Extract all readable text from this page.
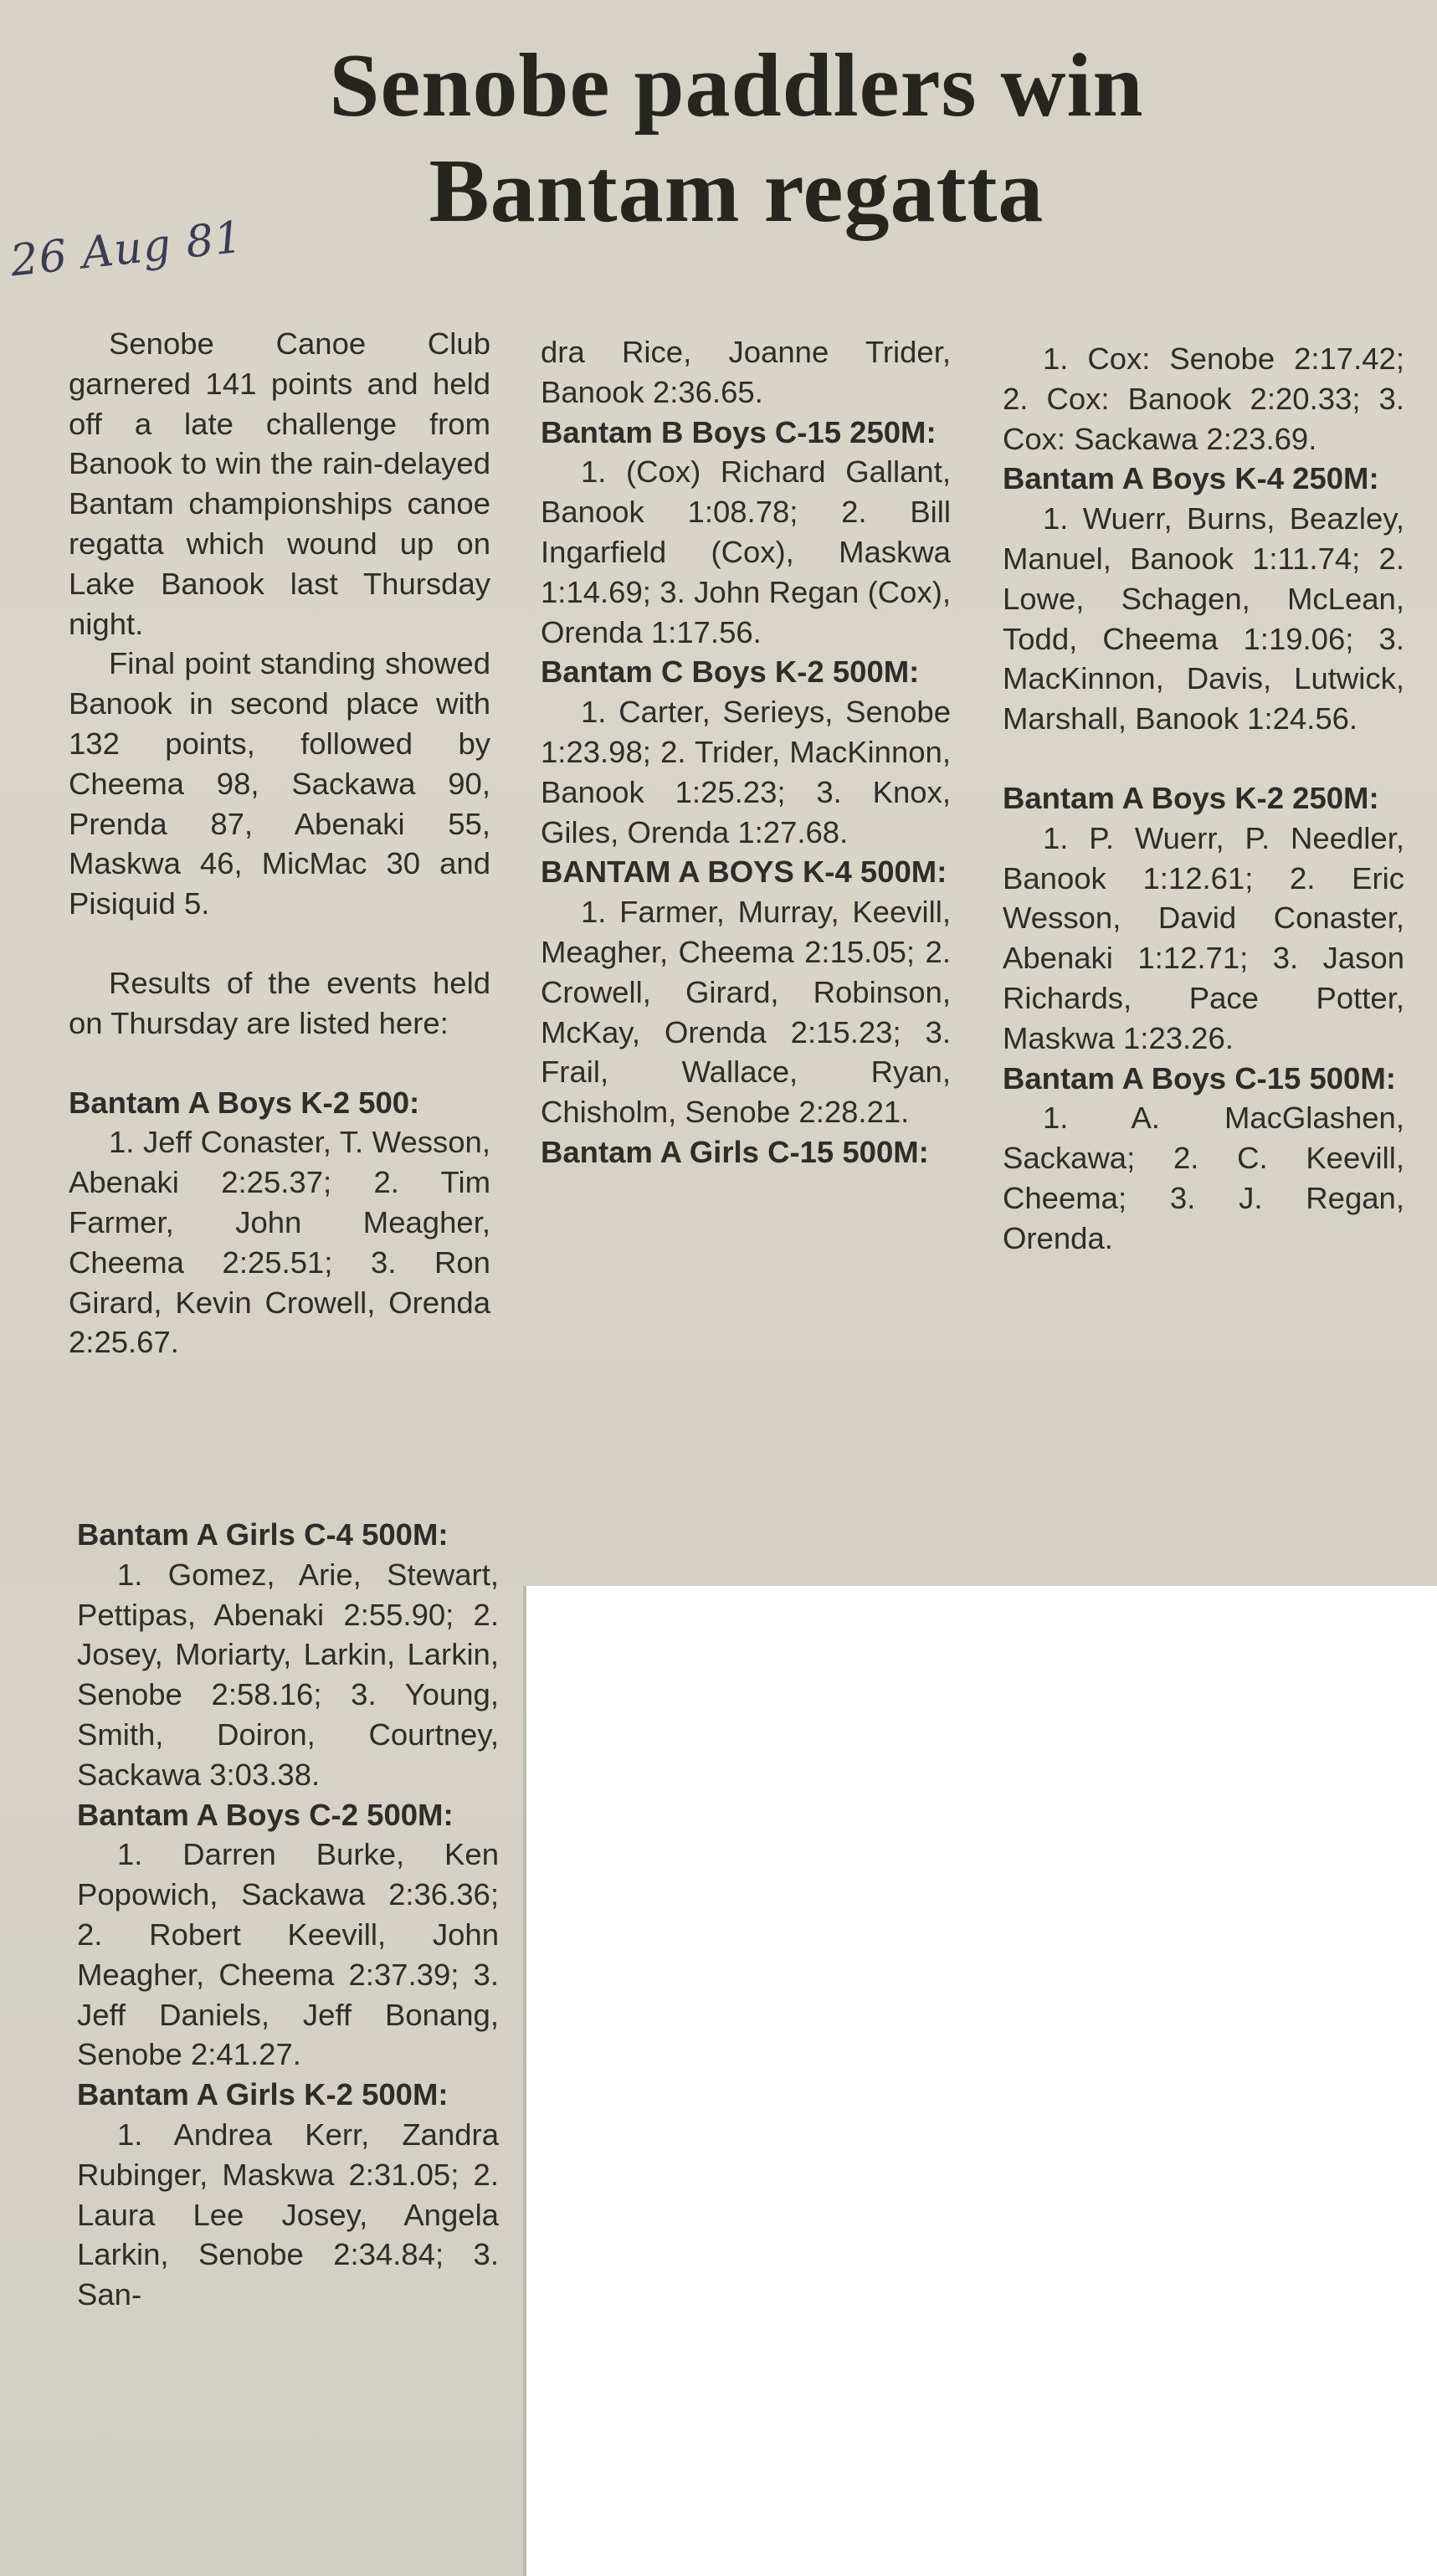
Senobe paddlers win
Bantam regatta
26 Aug 81

Senobe Canoe Club garnered 141 points and held off a late challenge from Banook to win the rain-delayed Bantam championships canoe regatta which wound up on Lake Banook last Thursday night.

Final point standing showed Banook in second place with 132 points, followed by Cheema 98, Sackawa 90, Prenda 87, Abenaki 55, Maskwa 46, MicMac 30 and Pisiquid 5.

Results of the events held on Thursday are listed here:

Bantam A Boys K-2 500:

1. Jeff Conaster, T. Wesson, Abenaki 2:25.37; 2. Tim Farmer, John Meagher, Cheema 2:25.51; 3. Ron Girard, Kevin Crowell, Orenda 2:25.67.

Bantam A Girls C-4 500M:

1. Gomez, Arie, Stewart, Pettipas, Abenaki 2:55.90; 2. Josey, Moriarty, Larkin, Larkin, Senobe 2:58.16; 3. Young, Smith, Doiron, Courtney, Sackawa 3:03.38.

Bantam A Boys C-2 500M:

1. Darren Burke, Ken Popowich, Sackawa 2:36.36; 2. Robert Keevill, John Meagher, Cheema 2:37.39; 3. Jeff Daniels, Jeff Bonang, Senobe 2:41.27.

Bantam A Girls K-2 500M:

1. Andrea Kerr, Zandra Rubinger, Maskwa 2:31.05; 2. Laura Lee Josey, Angela Larkin, Senobe 2:34.84; 3. San-

dra Rice, Joanne Trider, Banook 2:36.65.

Bantam B Boys C-15 250M:

1. (Cox) Richard Gallant, Banook 1:08.78; 2. Bill Ingarfield (Cox), Maskwa 1:14.69; 3. John Regan (Cox), Orenda 1:17.56.

Bantam C Boys K-2 500M:

1. Carter, Serieys, Senobe 1:23.98; 2. Trider, MacKinnon, Banook 1:25.23; 3. Knox, Giles, Orenda 1:27.68.

BANTAM A BOYS K-4 500M:

1. Farmer, Murray, Keevill, Meagher, Cheema 2:15.05; 2. Crowell, Girard, Robinson, McKay, Orenda 2:15.23; 3. Frail, Wallace, Ryan, Chisholm, Senobe 2:28.21.

Bantam A Girls C-15 500M:

1. Cox: Senobe 2:17.42; 2. Cox: Banook 2:20.33; 3. Cox: Sackawa 2:23.69.

Bantam A Boys K-4 250M:

1. Wuerr, Burns, Beazley, Manuel, Banook 1:11.74; 2. Lowe, Schagen, McLean, Todd, Cheema 1:19.06; 3. MacKinnon, Davis, Lutwick, Marshall, Banook 1:24.56.

Bantam A Boys K-2 250M:

1. P. Wuerr, P. Needler, Banook 1:12.61; 2. Eric Wesson, David Conaster, Abenaki 1:12.71; 3. Jason Richards, Pace Potter, Maskwa 1:23.26.

Bantam A Boys C-15 500M:

1. A. MacGlashen, Sackawa; 2. C. Keevill, Cheema; 3. J. Regan, Orenda.
